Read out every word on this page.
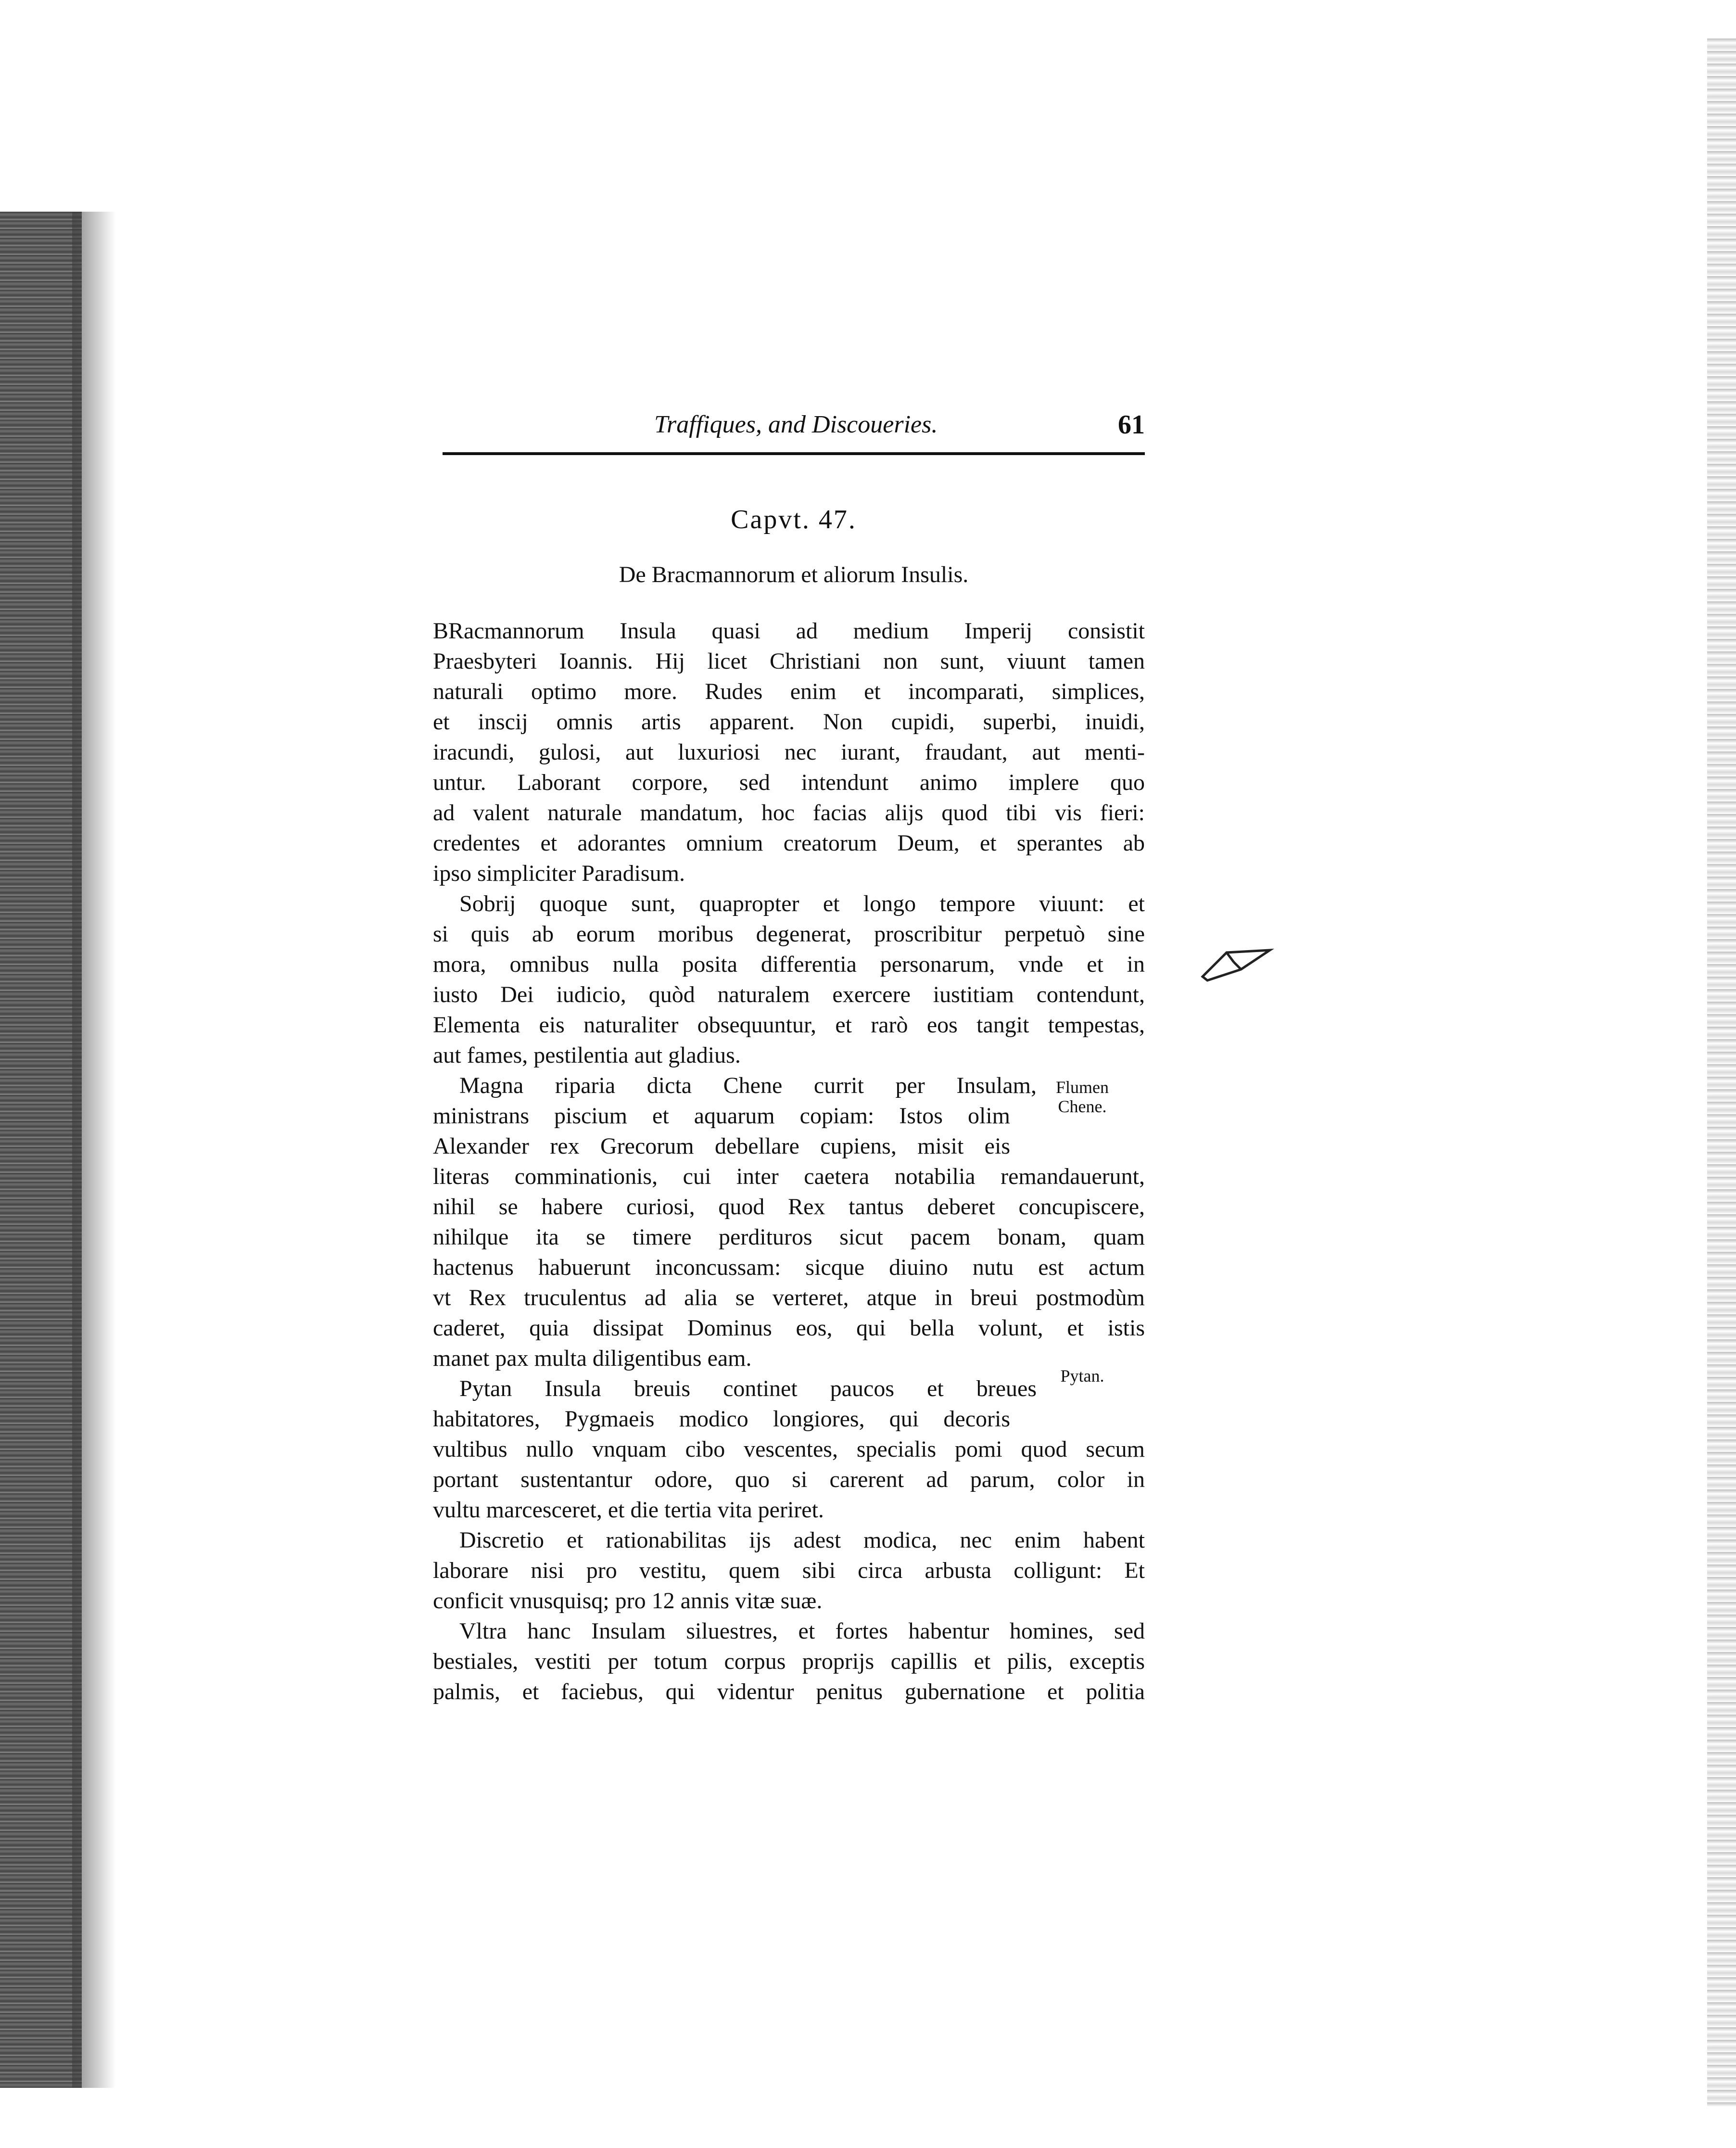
Traffiques, and Discoueries.	61
Capvt. 47.
De Bracmannorum et aliorum Insulis.
BRacmannorum Insula quasi ad medium Imperij consistit
Praesbyteri Ioannis. Hij licet Christiani non sunt, viuunt tamen
naturali optimo more. Rudes enim et incomparati, simplices,
et inscij omnis artis apparent. Non cupidi, superbi, inuidi,
iracundi, gulosi, aut luxuriosi nec iurant, fraudant, aut menti-
untur. Laborant corpore, sed intendunt animo implere quo
ad valent naturale mandatum, hoc facias alijs quod tibi vis fieri:
credentes et adorantes omnium creatorum Deum, et sperantes ab
ipso simpliciter Paradisum.
Sobrij quoque sunt, quapropter et longo tempore viuunt: et
si quis ab eorum moribus degenerat, proscribitur perpetuò sine
mora, omnibus nulla posita differentia personarum, vnde et in
iusto Dei iudicio, quòd naturalem exercere iustitiam contendunt,
Elementa eis naturaliter obsequuntur, et rarò eos tangit tempestas,
aut fames, pestilentia aut gladius.
Magna riparia dicta Chene currit per Insulam,
ministrans piscium et aquarum copiam: Istos olim
Alexander rex Grecorum debellare cupiens, misit eis
literas comminationis, cui inter caetera notabilia remandauerunt,
nihil se habere curiosi, quod Rex tantus deberet concupiscere,
nihilque ita se timere perdituros sicut pacem bonam, quam
hactenus habuerunt inconcussam: sicque diuino nutu est actum
vt Rex truculentus ad alia se verteret, atque in breui postmodùm
caderet, quia dissipat Dominus eos, qui bella volunt, et istis
manet pax multa diligentibus eam.
Pytan Insula breuis continet paucos et breues
habitatores, Pygmaeis modico longiores, qui decoris
vultibus nullo vnquam cibo vescentes, specialis pomi quod secum
portant sustentantur odore, quo si carerent ad parum, color in
vultu marcesceret, et die tertia vita periret.
Discretio et rationabilitas ijs adest modica, nec enim habent
laborare nisi pro vestitu, quem sibi circa arbusta colligunt: Et
conficit vnusquisq; pro 12 annis vitæ suæ.
Vltra hanc Insulam siluestres, et fortes habentur homines, sed
bestiales, vestiti per totum corpus proprijs capillis et pilis, exceptis
palmis, et faciebus, qui videntur penitus gubernatione et politia
Flumen
Chene.
Pytan.
